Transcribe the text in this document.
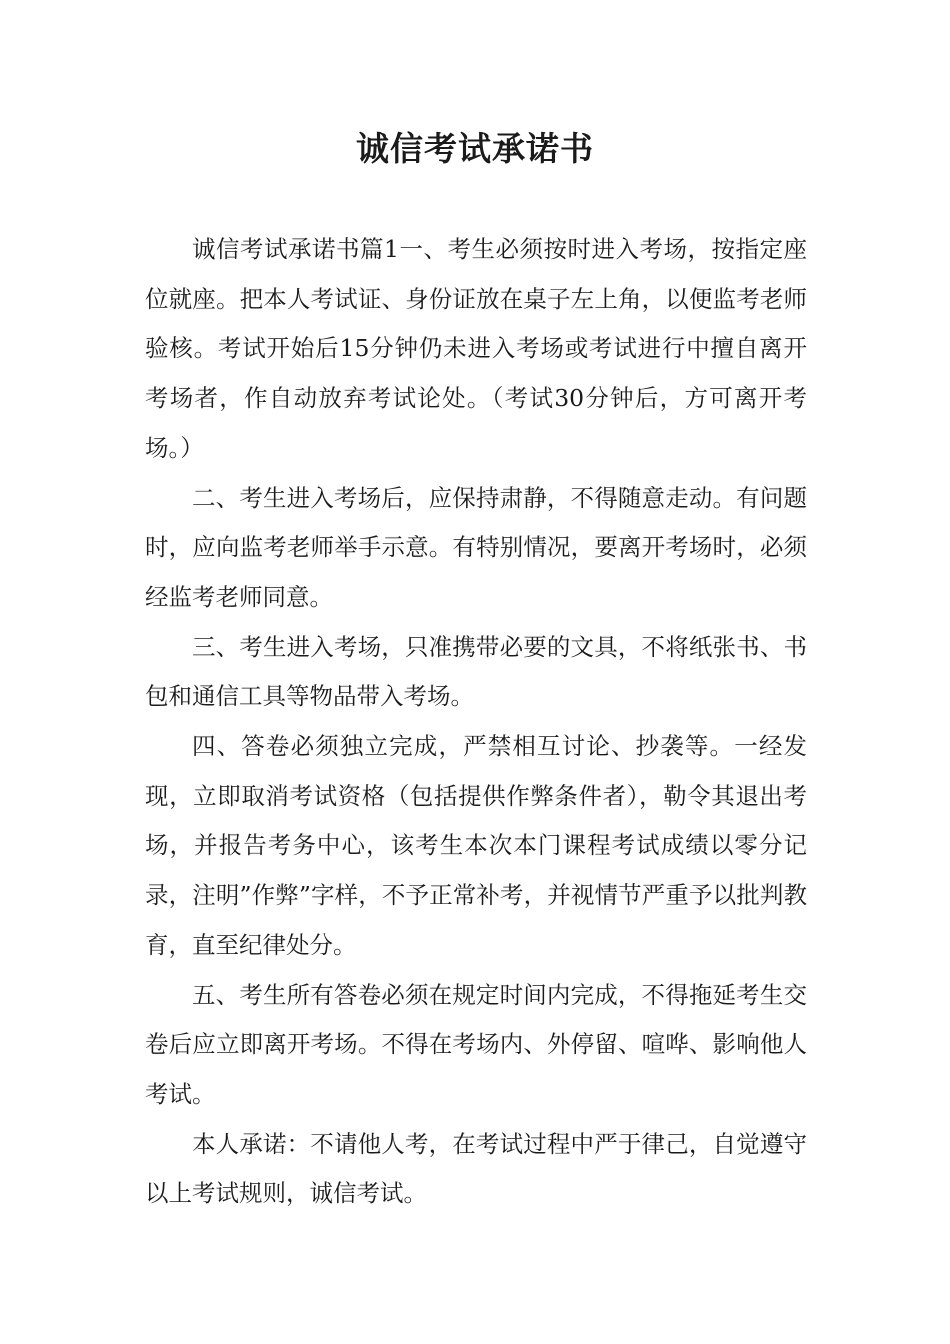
诚信考试承诺书

诚信考试承诺书篇1一、考生必须按时进入考场，按指定座位就座。把本人考试证、身份证放在桌子左上角，以便监考老师验核。考试开始后15分钟仍未进入考场或考试进行中擅自离开考场者，作自动放弃考试论处。（考试30分钟后，方可离开考场。）

二、考生进入考场后，应保持肃静，不得随意走动。有问题时，应向监考老师举手示意。有特别情况，要离开考场时，必须经监考老师同意。

三、考生进入考场，只准携带必要的文具，不将纸张书、书包和通信工具等物品带入考场。

四、答卷必须独立完成，严禁相互讨论、抄袭等。一经发现，立即取消考试资格（包括提供作弊条件者），勒令其退出考场，并报告考务中心，该考生本次本门课程考试成绩以零分记录，注明”作弊”字样，不予正常补考，并视情节严重予以批判教育，直至纪律处分。

五、考生所有答卷必须在规定时间内完成，不得拖延考生交卷后应立即离开考场。不得在考场内、外停留、喧哗、影响他人考试。

本人承诺：不请他人考，在考试过程中严于律己，自觉遵守以上考试规则，诚信考试。
